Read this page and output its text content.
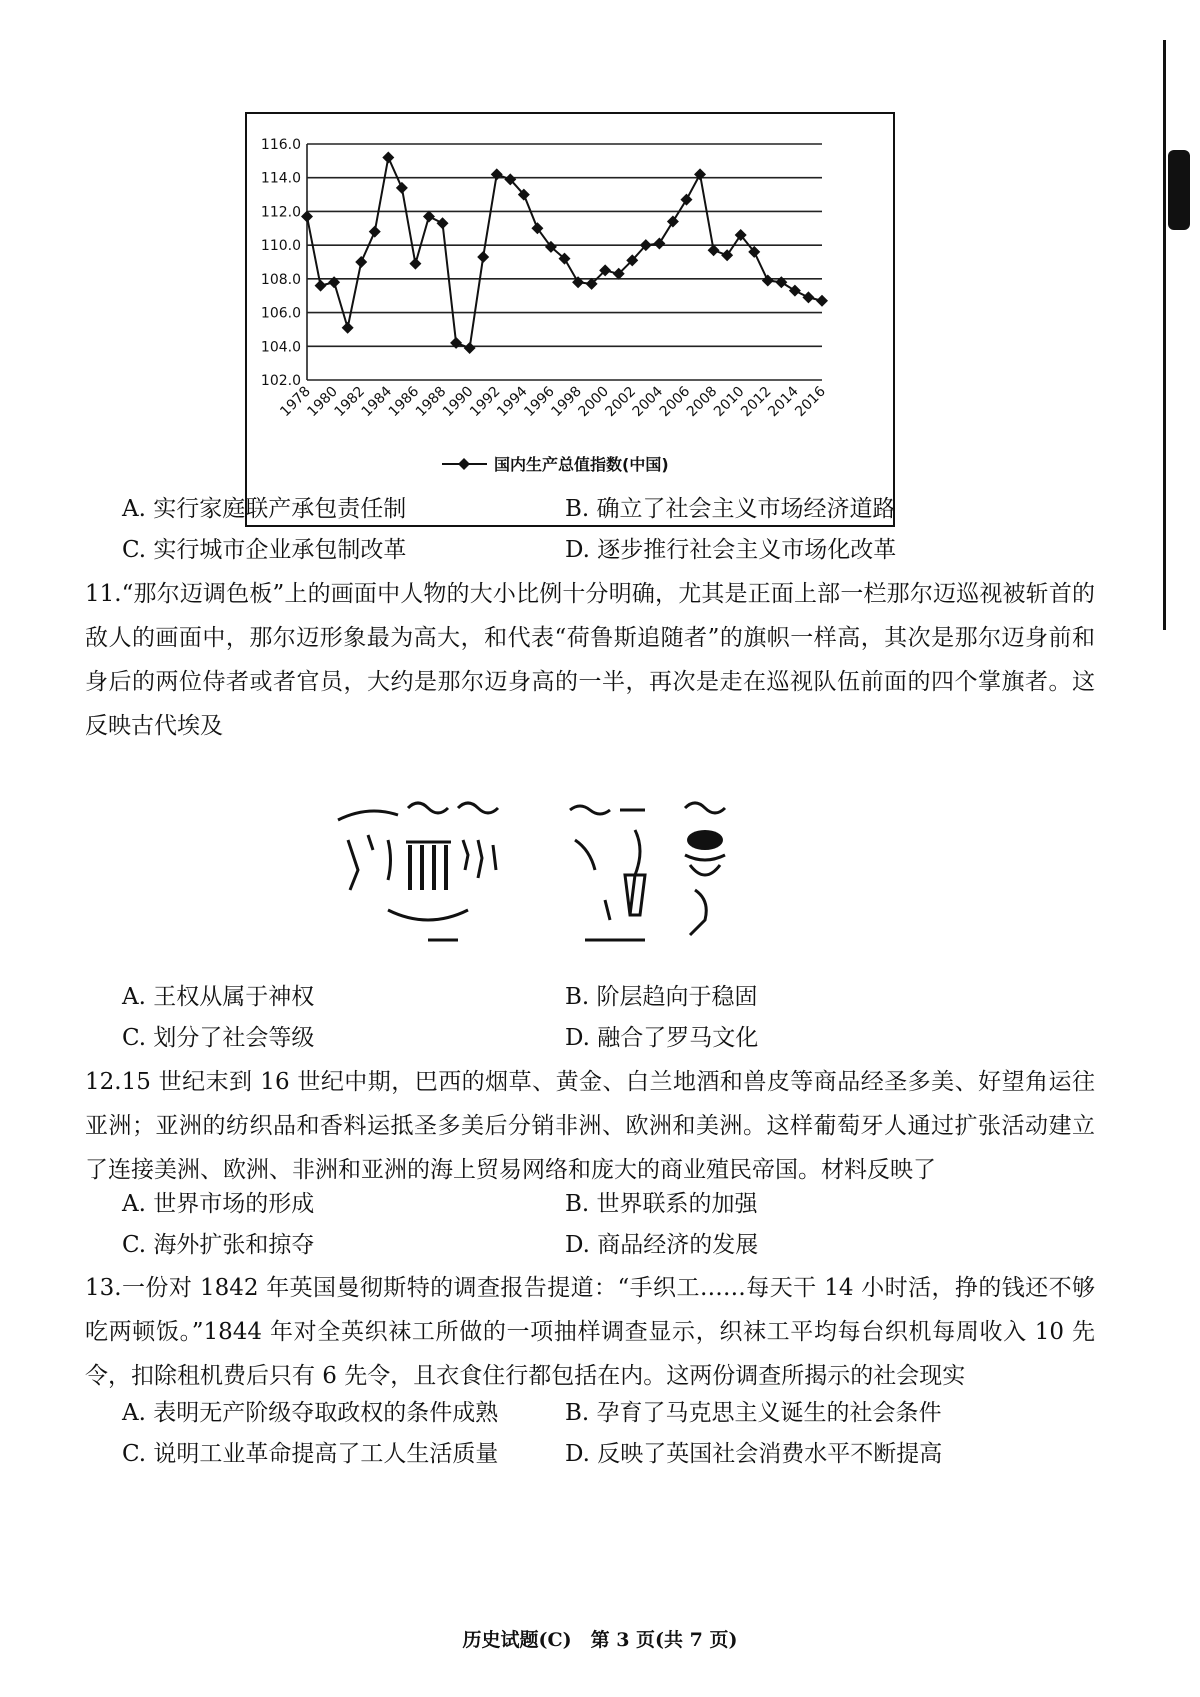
102.0
104.0
106.0
108.0
110.0
112.0
114.0
116.0
1978
1980
1982
1984
1986
1988
1990
1992
1994
1996
1998
2000
2002
2004
2006
2008
2010
2012
2014
2016
国内生产总值指数(中国)
A. 实行家庭联产承包责任制	B. 确立了社会主义市场经济道路
C. 实行城市企业承包制改革	D. 逐步推行社会主义市场化改革

11.“那尔迈调色板”上的画面中人物的大小比例十分明确，尤其是正面上部一栏那尔迈巡视被斩首的敌人的画面中，那尔迈形象最为高大，和代表“荷鲁斯追随者”的旗帜一样高，其次是那尔迈身前和身后的两位侍者或者官员，大约是那尔迈身高的一半，再次是走在巡视队伍前面的四个掌旗者。这反映古代埃及

A. 王权从属于神权	B. 阶层趋向于稳固
C. 划分了社会等级	D. 融合了罗马文化

12.15 世纪末到 16 世纪中期，巴西的烟草、黄金、白兰地酒和兽皮等商品经圣多美、好望角运往亚洲；亚洲的纺织品和香料运抵圣多美后分销非洲、欧洲和美洲。这样葡萄牙人通过扩张活动建立了连接美洲、欧洲、非洲和亚洲的海上贸易网络和庞大的商业殖民帝国。材料反映了

A. 世界市场的形成	B. 世界联系的加强
C. 海外扩张和掠夺	D. 商品经济的发展

13.一份对 1842 年英国曼彻斯特的调查报告提道：“手织工……每天干 14 小时活，挣的钱还不够吃两顿饭。”1844 年对全英织袜工所做的一项抽样调查显示，织袜工平均每台织机每周收入 10 先令，扣除租机费后只有 6 先令，且衣食住行都包括在内。这两份调查所揭示的社会现实

A. 表明无产阶级夺取政权的条件成熟	B. 孕育了马克思主义诞生的社会条件
C. 说明工业革命提高了工人生活质量	D. 反映了英国社会消费水平不断提高
历史试题(C)　第 3 页(共 7 页)
